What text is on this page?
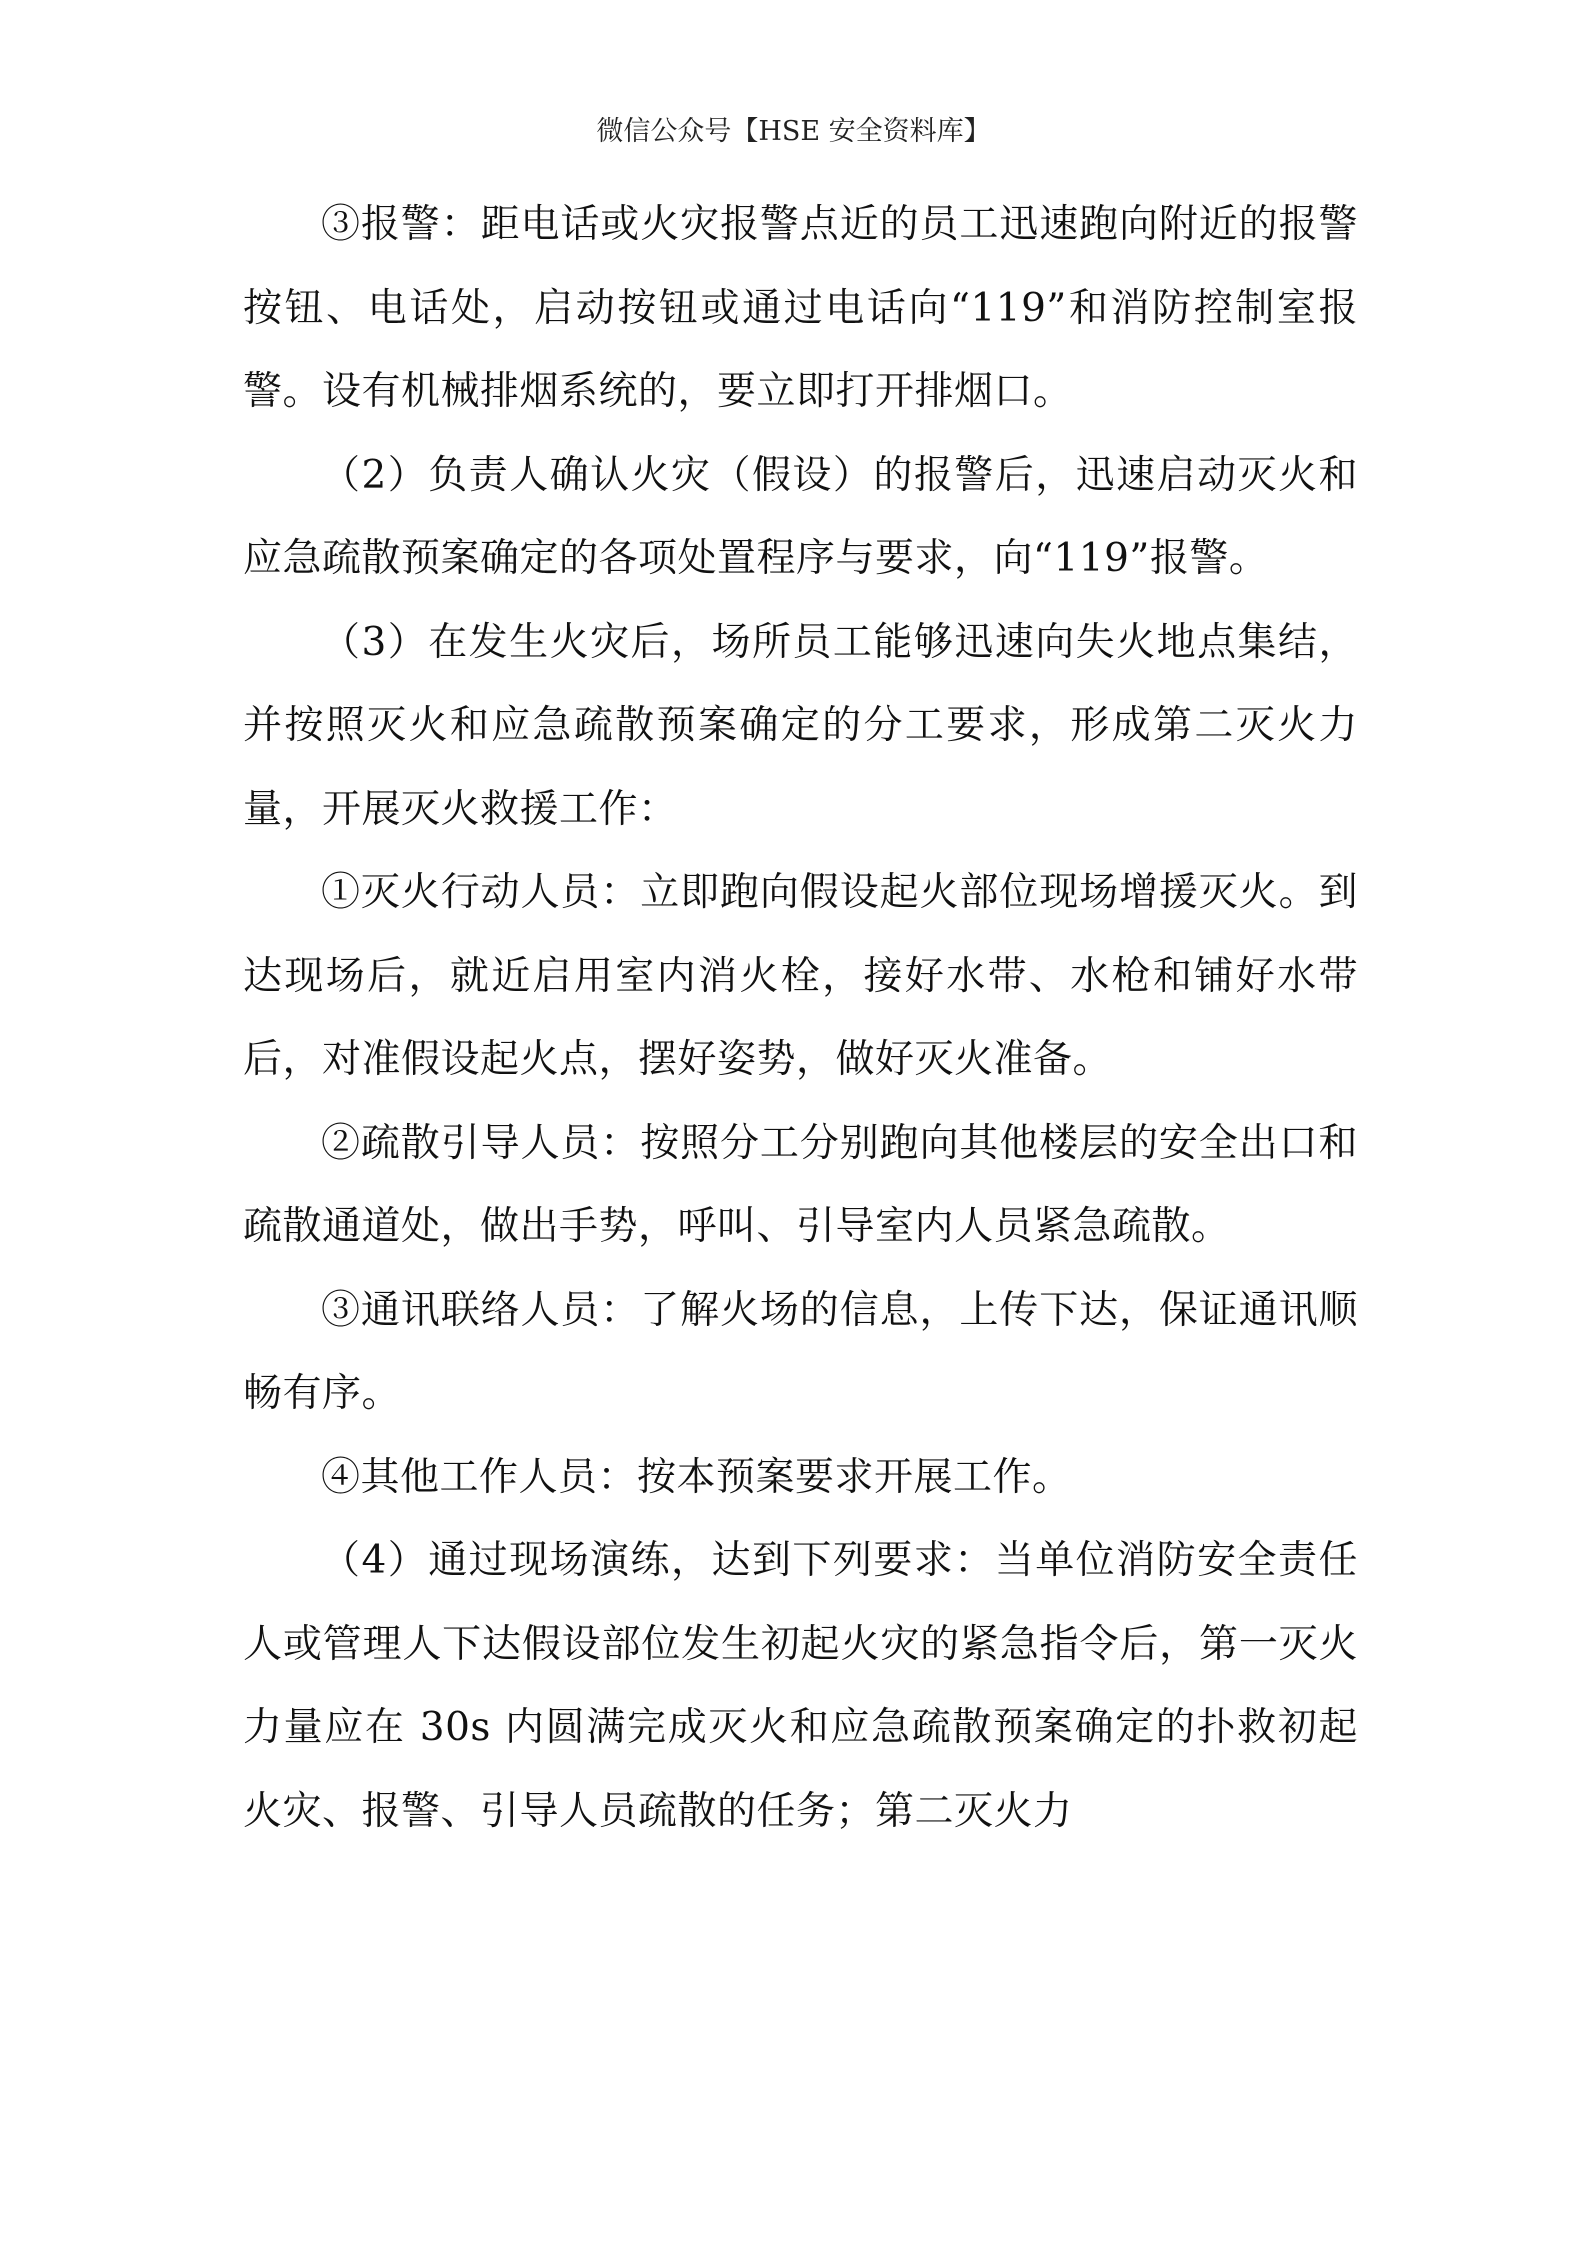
微信公众号【HSE 安全资料库】

③报警：距电话或火灾报警点近的员工迅速跑向附近的报警按钮、电话处，启动按钮或通过电话向“119”和消防控制室报警。设有机械排烟系统的，要立即打开排烟口。

（2）负责人确认火灾（假设）的报警后，迅速启动灭火和应急疏散预案确定的各项处置程序与要求，向“119”报警。

（3）在发生火灾后，场所员工能够迅速向失火地点集结，并按照灭火和应急疏散预案确定的分工要求，形成第二灭火力量，开展灭火救援工作：

①灭火行动人员：立即跑向假设起火部位现场增援灭火。到达现场后，就近启用室内消火栓，接好水带、水枪和铺好水带后，对准假设起火点，摆好姿势，做好灭火准备。

②疏散引导人员：按照分工分别跑向其他楼层的安全出口和疏散通道处，做出手势，呼叫、引导室内人员紧急疏散。

③通讯联络人员：了解火场的信息，上传下达，保证通讯顺畅有序。

④其他工作人员：按本预案要求开展工作。

（4）通过现场演练，达到下列要求：当单位消防安全责任人或管理人下达假设部位发生初起火灾的紧急指令后，第一灭火力量应在 30s 内圆满完成灭火和应急疏散预案确定的扑救初起火灾、报警、引导人员疏散的任务；第二灭火力
